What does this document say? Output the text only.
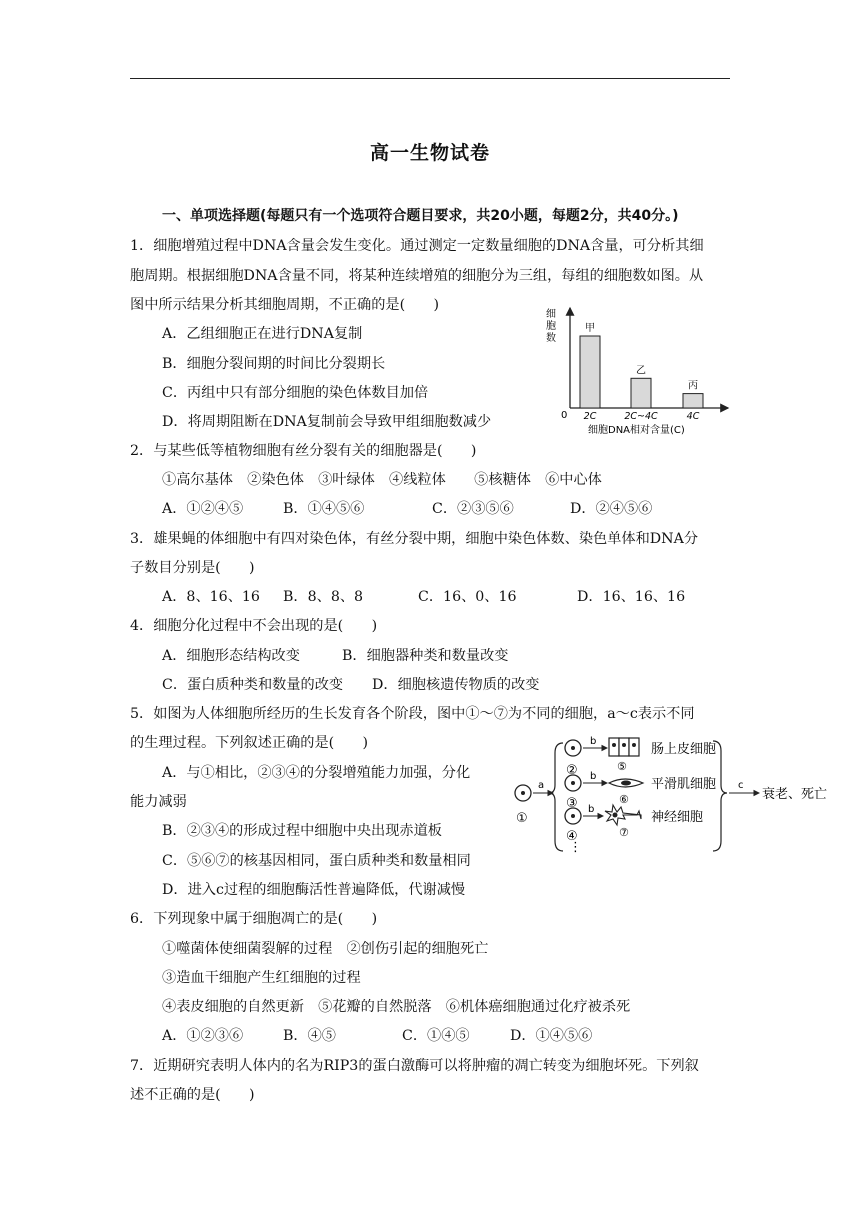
高一生物试卷
一、单项选择题(每题只有一个选项符合题目要求，共20小题，每题2分，共40分。)
1．细胞增殖过程中DNA含量会发生变化。通过测定一定数量细胞的DNA含量，可分析其细
胞周期。根据细胞DNA含量不同，将某种连续增殖的细胞分为三组，每组的细胞数如图。从
图中所示结果分析其细胞周期，不正确的是(　　)
A．乙组细胞正在进行DNA复制
B．细胞分裂间期的时间比分裂期长
C．丙组中只有部分细胞的染色体数目加倍
D．将周期阻断在DNA复制前会导致甲组细胞数减少
细
胞
数
0
甲
2C
乙
2C~4C
丙
4C
细胞DNA相对含量(C)
2．与某些低等植物细胞有丝分裂有关的细胞器是(　　)
①高尔基体　②染色体　③叶绿体　④线粒体　　⑤核糖体　⑥中心体
A．①②④⑤	B．①④⑤⑥	C．②③⑤⑥	D．②④⑤⑥
3．雄果蝇的体细胞中有四对染色体，有丝分裂中期，细胞中染色体数、染色单体和DNA分
子数目分别是(　　)
A．8、16、16 B．8、8、8	C．16、0、16	D．16、16、16
4．细胞分化过程中不会出现的是(　　)
A．细胞形态结构改变	B．细胞器种类和数量改变
C．蛋白质种类和数量的改变 D．细胞核遗传物质的改变
5．如图为人体细胞所经历的生长发育各个阶段，图中①～⑦为不同的细胞，a～c表示不同
的生理过程。下列叙述正确的是(　　)
A．与①相比，②③④的分裂增殖能力加强，分化
能力减弱
B．②③④的形成过程中细胞中央出现赤道板
C．⑤⑥⑦的核基因相同，蛋白质种类和数量相同
D．进入c过程的细胞酶活性普遍降低，代谢减慢
①
a
②
b
⑤
肠上皮细胞
③
b
⑥
平滑肌细胞
④
b
⑦
神经细胞
⋮
c
衰老、死亡
6．下列现象中属于细胞凋亡的是(　　)
①噬菌体使细菌裂解的过程　②创伤引起的细胞死亡
③造血干细胞产生红细胞的过程
④表皮细胞的自然更新　⑤花瓣的自然脱落　⑥机体癌细胞通过化疗被杀死
A．①②③⑥	B．④⑤	C．①④⑤	D．①④⑤⑥
7．近期研究表明人体内的名为RIP3的蛋白激酶可以将肿瘤的凋亡转变为细胞坏死。下列叙
述不正确的是(　　)
